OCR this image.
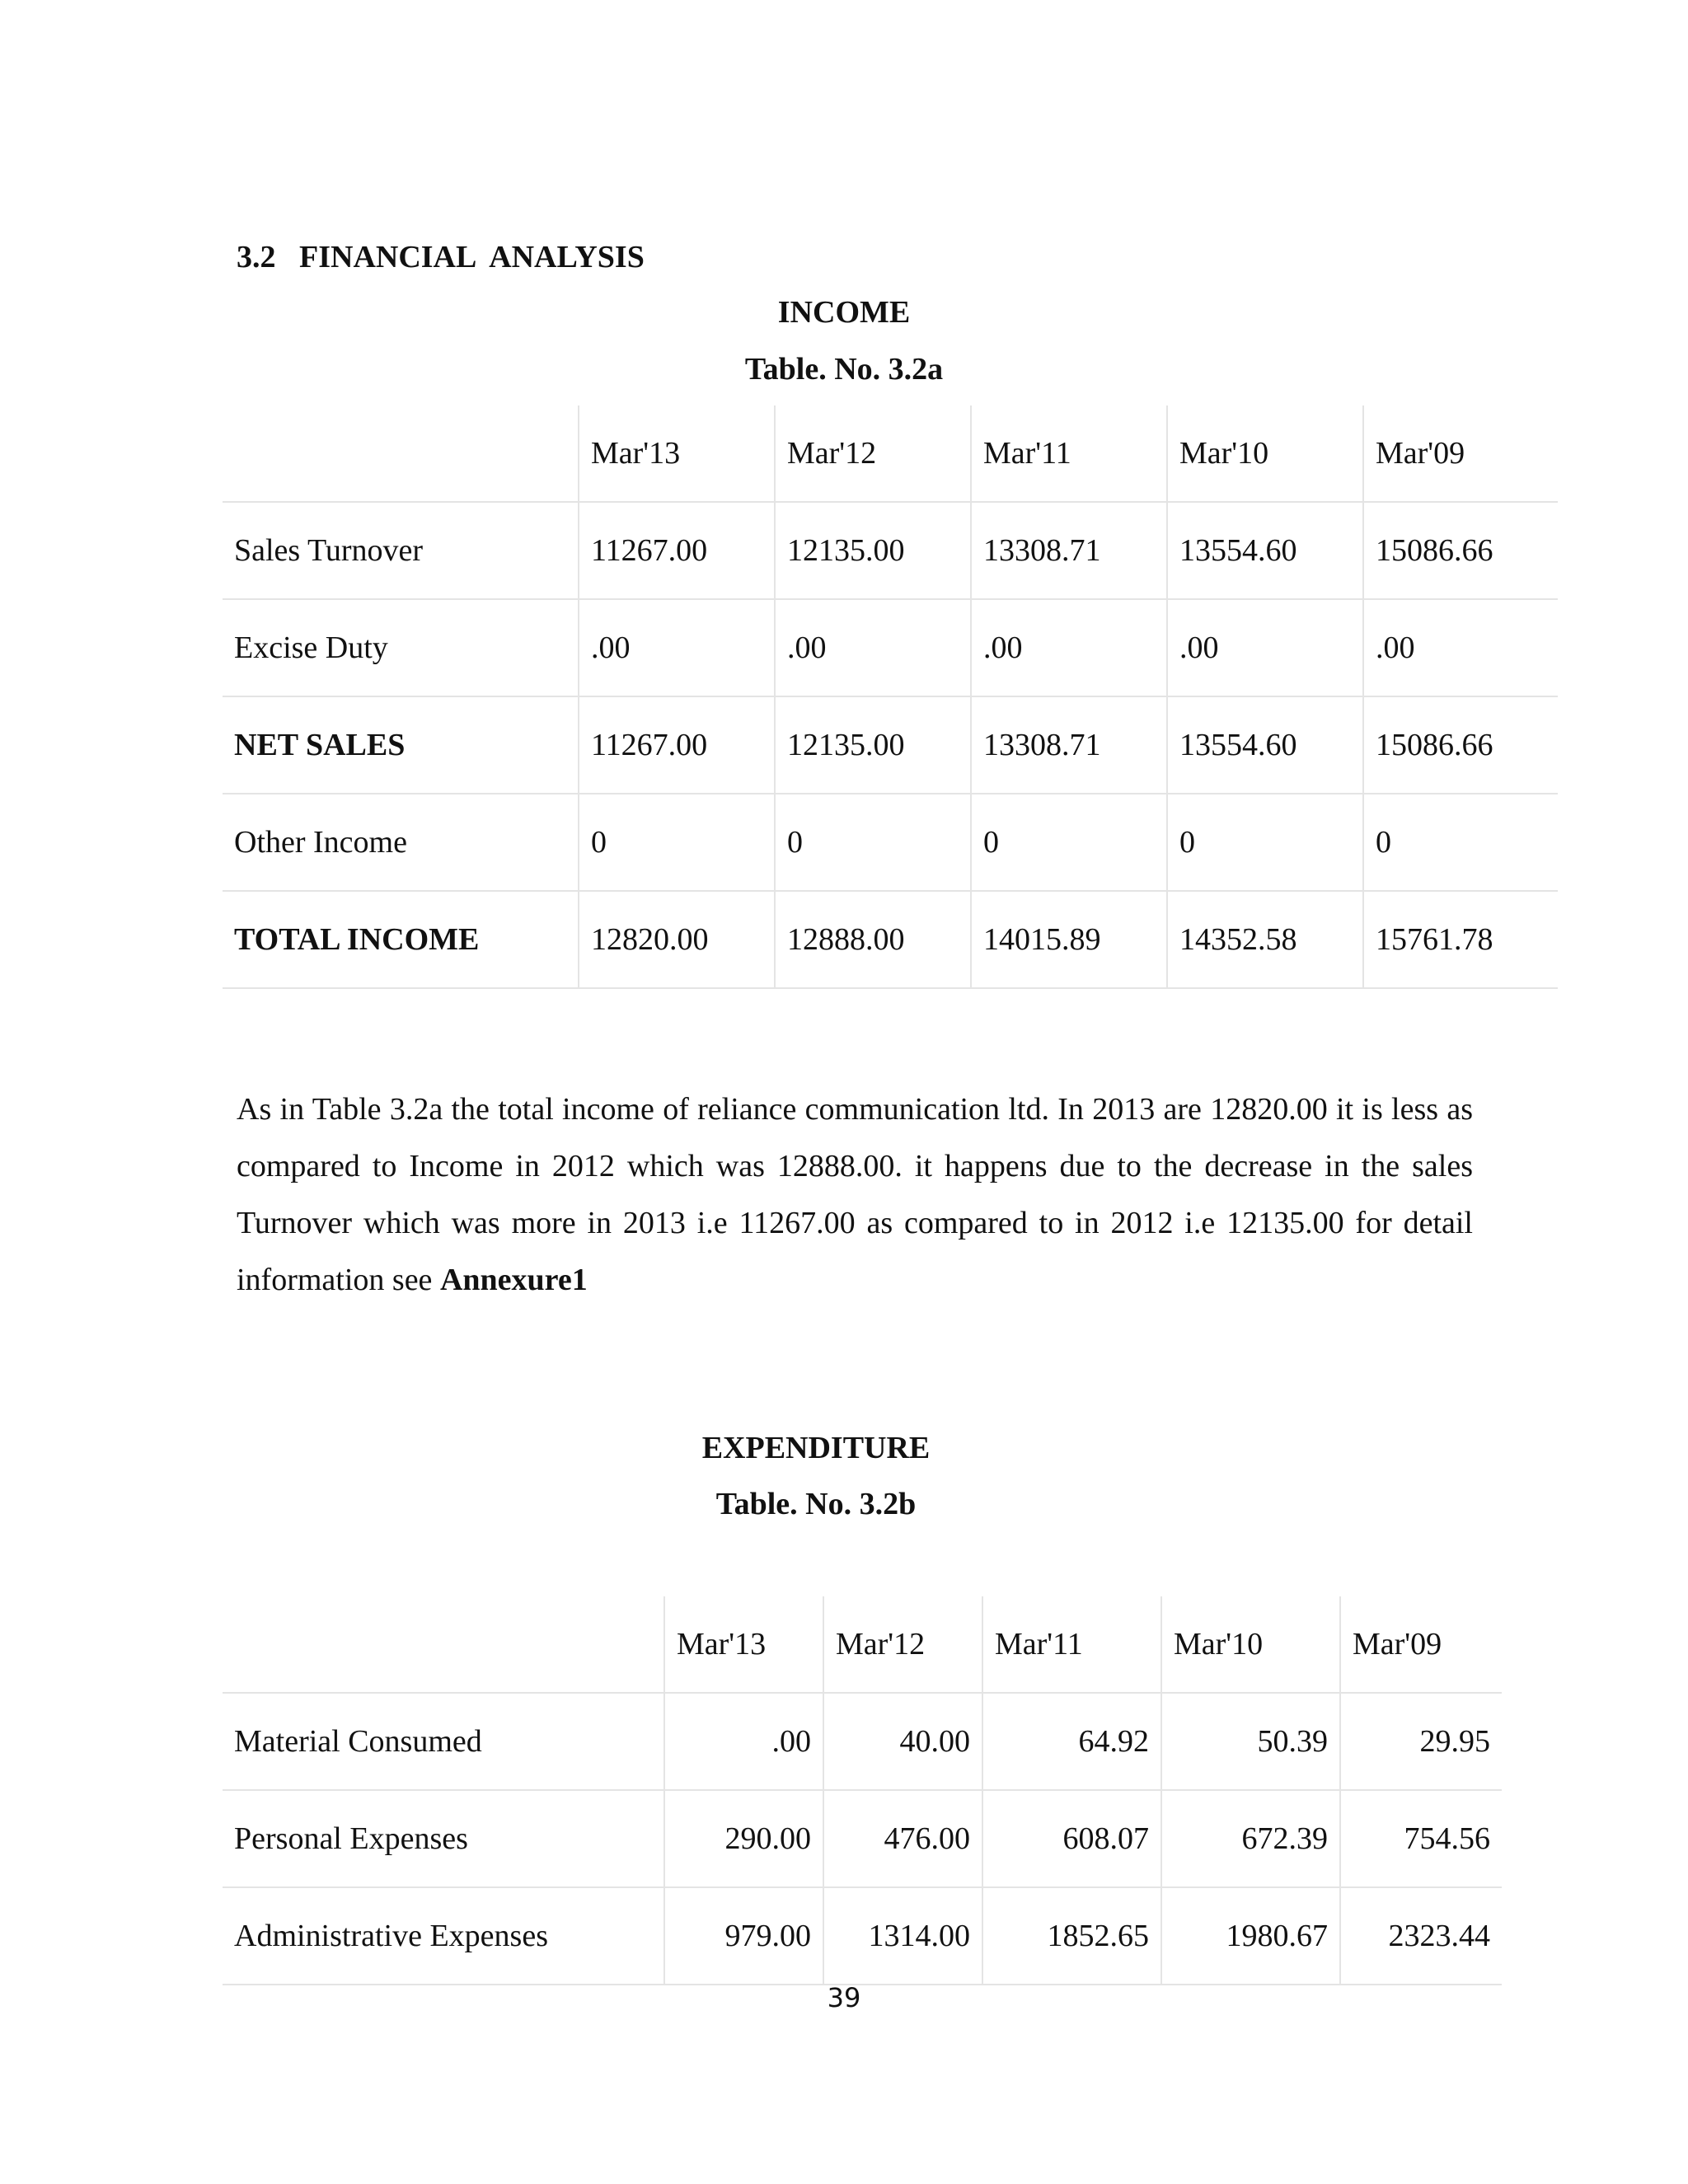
3.2   FINANCIAL  ANALYSIS
INCOME
Table. No. 3.2a
	Mar'13	Mar'12	Mar'11	Mar'10	Mar'09
Sales Turnover	11267.00	12135.00	13308.71	13554.60	15086.66
Excise Duty	.00	.00	.00	.00	.00
NET SALES	11267.00	12135.00	13308.71	13554.60	15086.66
Other Income	0	0	0	0	0
TOTAL INCOME	12820.00	12888.00	14015.89	14352.58	15761.78
As in Table 3.2a the total income of reliance communication ltd. In 2013 are 12820.00 it is less as compared to Income in 2012 which was 12888.00. it happens due to the decrease in the sales Turnover which was more in 2013 i.e 11267.00 as compared to in 2012 i.e 12135.00 for detail information see Annexure1
EXPENDITURE
Table. No. 3.2b
	Mar'13	Mar'12	Mar'11	Mar'10	Mar'09
Material Consumed	.00	40.00	64.92	50.39	29.95
Personal Expenses	290.00	476.00	608.07	672.39	754.56
Administrative Expenses	979.00	1314.00	1852.65	1980.67	2323.44
39
